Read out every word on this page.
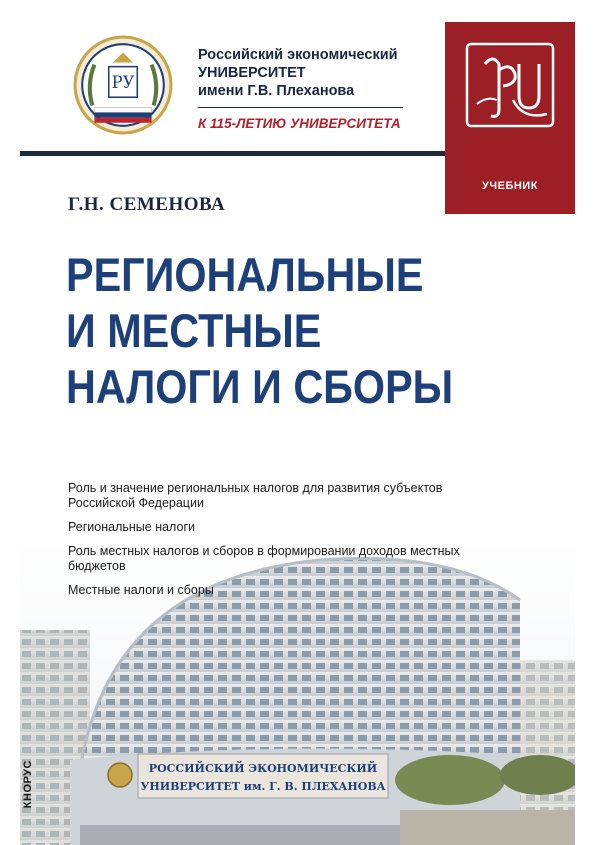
РУ
Российский экономический
УНИВЕРСИТЕТ
имени Г.В. Плеханова
К 115-ЛЕТИЮ УНИВЕРСИТЕТА
УЧЕБНИК
Г.Н. СЕМЕНОВА
РЕГИОНАЛЬНЫЕ
И МЕСТНЫЕ
НАЛОГИ И СБОРЫ
РОССИЙСКИЙ ЭКОНОМИЧЕСКИЙ
УНИВЕРСИТЕТ им. Г. В. ПЛЕХАНОВА
Роль и значение региональных налогов для развития субъектов Российской Федерации
Региональные налоги
Роль местных налогов и сборов в формировании доходов местных бюджетов
Местные налоги и сборы
КНОРУС
